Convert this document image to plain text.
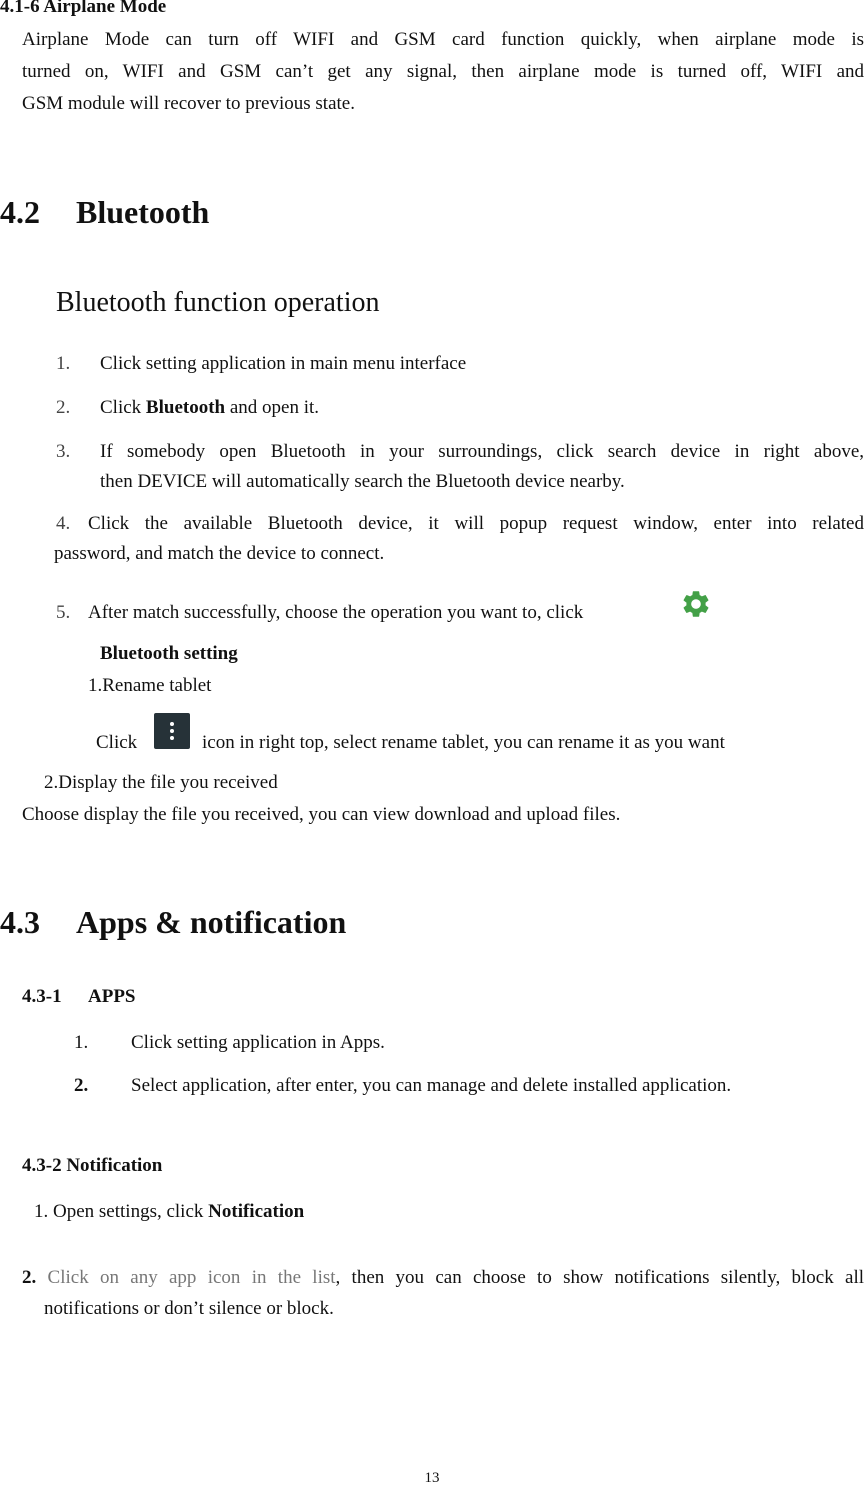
4.1-6 Airplane Mode
Airplane Mode can turn off WIFI and GSM card function quickly, when airplane mode is
turned on, WIFI and GSM can’t get any signal, then airplane mode is turned off, WIFI and
GSM module will recover to previous state.
4.2 Bluetooth
Bluetooth function operation
1. Click setting application in main menu interface
2. Click Bluetooth and open it.
3. If somebody open Bluetooth in your surroundings, click search device in right above,
then DEVICE will automatically search the Bluetooth device nearby.
4. Click the available Bluetooth device, it will popup request window, enter into related
password, and match the device to connect.
5. After match successfully, choose the operation you want to, click
Bluetooth setting
1.Rename tablet
Click	icon in right top, select rename tablet, you can rename it as you want
2.Display the file you received
Choose display the file you received, you can view download and upload files.
4.3 Apps & notification
4.3-1 APPS
1. Click setting application in Apps.
2. Select application, after enter, you can manage and delete installed application.
4.3-2 Notification
1. Open settings, click Notification
2. Click on any app icon in the list, then you can choose to show notifications silently, block all
notifications or don’t silence or block.
13
